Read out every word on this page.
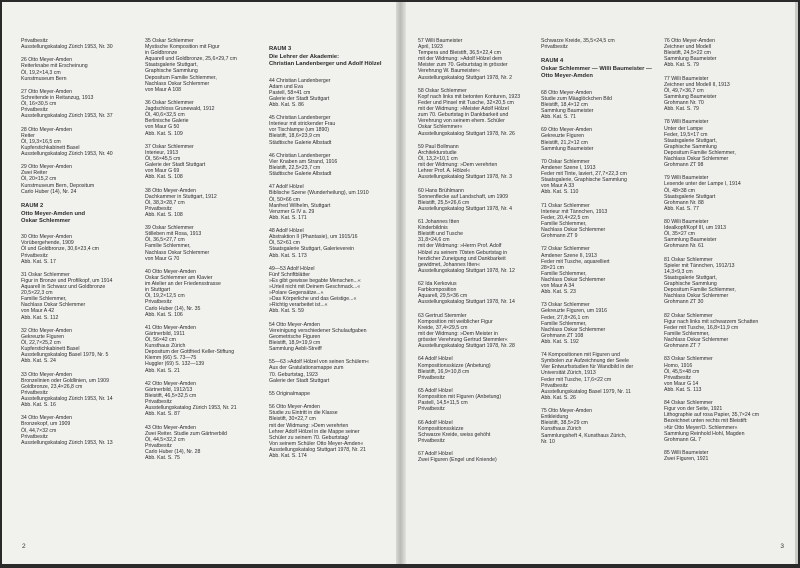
Privatbesitz
Ausstellungskatalog Zürich 1953, Nr. 30
26 Otto Meyer-Amden
Reiterknabe mit Erscheinung
Öl, 19,2×14,3 cm
Kunstmuseum Bern
27 Otto Meyer-Amden
Schreitende in Reitanzug, 1913
Öl, 16×30,5 cm
Privatbesitz
Ausstellungskatalog Zürich 1953, Nr. 37
28 Otto Meyer-Amden
Reiter
Öl, 19,3×16,5 cm
Kupferstichkabinett Basel
Ausstellungskatalog Zürich 1953, Nr. 40
29 Otto Meyer-Amden
Zwei Reiter
Öl, 20×15,2 cm
Kunstmuseum Bern, Depositum
Carlo Huber (14), Nr. 24
RAUM 2
Otto Meyer-Amden und
Oskar Schlemmer
30 Otto Meyer-Amden
Vorübergehende, 1909
Öl und Goldbronze, 30,6×23,4 cm
Privatbesitz
Abb. Kat. S. 17
31 Oskar Schlemmer
Figur in Bronze und Profilkopf, um 1914
Aquarell in Schwarz und Goldbronze
20,5×22,3 cm
Familie Schlemmer,
Nachlass Oskar Schlemmer
von Maur A 42
Abb. Kat. S. 112
32 Otto Meyer-Amden
Gekreuzte Figuren
Öl, 22,7×25,2 cm
Kupferstichkabinett Basel
Ausstellungskatalog Basel 1979, Nr. 5
Abb. Kat. S. 24
33 Otto Meyer-Amden
Bronzelinien oder Goldlinien, um 1909
Goldbronze, 23,4×26,8 cm
Privatbesitz
Ausstellungskatalog Zürich 1953, Nr. 14
Abb. Kat. S. 16
34 Otto Meyer-Amden
Bronzekopf, um 1909
Öl, 44,7×32 cm
Privatbesitz
Ausstellungskatalog Zürich 1953, Nr. 13
35 Oskar Schlemmer
Mystische Komposition mit Figur
in Goldbronze
Aquarell und Goldbronze, 25,6×29,7 cm
Staatsgalerie Stuttgart,
Graphische Sammlung
Depositum Familie Schlemmer,
Nachlass Oskar Schlemmer
von Maur A 108
36 Oskar Schlemmer
Jagdschloss Grunewald, 1912
Öl, 40,6×32,5 cm
Berlinische Galerie
von Maur G 50
Abb. Kat. S. 109
37 Oskar Schlemmer
Interieur, 1913
Öl, 56×45,5 cm
Galerie der Stadt Stuttgart
von Maur G 69
Abb. Kat. S. 108
38 Otto Meyer-Amden
Dachkammer in Stuttgart, 1912
Öl, 38,3×28,7 cm
Privatbesitz
Abb. Kat. S. 108
39 Oskar Schlemmer
Stilleben mit Rosa, 1913
Öl, 36,5×27,7 cm
Familie Schlemmer,
Nachlass Oskar Schlemmer
von Maur G 70
40 Otto Meyer-Amden
Oskar Schlemmer am Klavier
im Atelier an der Friedensstrasse
in Stuttgart
Öl, 19,2×12,5 cm
Privatbesitz
Carlo Huber (14), Nr. 35
Abb. Kat. S. 106
41 Otto Meyer-Amden
Gärtnerbild, 1911
Öl, 56×42 cm
Kunsthaus Zürich
Depositum der Gottfried Keller-Stiftung
Klemm (66) S. 73—75
Huggler (69) S. 132—139
Abb. Kat. S. 21
42 Otto Meyer-Amden
Gärtnerbild, 1912/13
Bleistift, 46,5×32,5 cm
Privatbesitz
Ausstellungskatalog Zürich 1953, Nr. 21
Abb. Kat. S. 87
43 Otto Meyer-Amden
Zwei Reiter. Studie zum Gärtnerbild
Öl, 44,5×32,2 cm
Privatbesitz
Carlo Huber (14), Nr. 28
Abb. Kat. S. 75
RAUM 3
Die Lehrer der Akademie:
Christian Landenberger und Adolf Hölzel
44 Christian Landenberger
Adam und Eva
Pastell, 58×41 cm
Galerie der Stadt Stuttgart
Abb. Kat. S. 86
45 Christian Landenberger
Interieur mit strickender Frau
vor Tischlampe (um 1890)
Bleistift, 18,6×23,9 cm
Städtische Galerie Albstadt
46 Christian Landenberger
Vier Knaben am Strand, 1916
Bleistift, 22,5×23,7 cm
Städtische Galerie Albstadt
47 Adolf Hölzel
Biblische Szene (Wunderheilung), um 1910
Öl, 50×66 cm
Manfred Wilhelm, Stuttgart
Venzmer G IV a. 29
Abb. Kat. S. 171
48 Adolf Hölzel
Abstraktion II (Phantasie), um 1915/16
Öl, 52×61 cm
Staatsgalerie Stuttgart, Galerieverein
Abb. Kat. S. 173
49—53 Adolf Hölzel
Fünf Schriftblätter
»Es gibt gewisse begabte Menschen...«
»Urteil nicht mit Deinem Geschmack...«
»Polare Gegensätze...«
»Das Körperliche und das Geistige...«
»Richtig verarbeitet ist...«
Abb. Kat. S. 59
54 Otto Meyer-Amden
Vereinigung verschiedener Schulaufgaben
Geometrische Figuren
Bleistift, 18,9×19,9 cm
Sammlung Aebli-Streiff
55—63 »Adolf Hölzel von seinen Schülern«
Aus der Gratulationsmappe zum
70. Geburtstag, 1923
Galerie der Stadt Stuttgart
55 Originalmappe
56 Otto Meyer-Amden
Studie zu Eintritt in die Klasse
Bleistift, 30×22,7 cm
mit der Widmung: »Dem verehrten
Lehrer Adolf Hölzel in die Mappe seiner
Schüler zu seinem 70. Geburtstag/
Von seinem Schüler Otto Meyer-Amden«
Ausstellungskatalog Stuttgart 1978, Nr. 21
Abb. Kat. S. 174
2
57 Willi Baumeister
April, 1923
Tempera und Bleistift, 36,5×22,4 cm
mit der Widmung: »Adolf Hölzel dem
Meister zum 70. Geburtstag in grösster
Verehrung W. Baumeister«
Ausstellungskatalog Stuttgart 1978, Nr. 2
58 Oskar Schlemmer
Kopf nach links mit betonten Konturen, 1923
Feder und Pinsel mit Tusche, 32×20,5 cm
mit der Widmung: »Meister Adolf Hölzel
zum 70. Geburtstag in Dankbarkeit und
Verehrung von seinem ehem. Schüler
Oskar Schlemmer«
Ausstellungskatalog Stuttgart 1978, Nr. 26
59 Paul Bollmann
Architekturstudie
Öl, 13,2×10,1 cm
mit der Widmung: »Dem verehrten
Lehrer Prof. A. Hölzel«
Ausstellungskatalog Stuttgart 1978, Nr. 3
60 Hans Brühlmann
Sonnenflecke auf Landschaft, um 1909
Bleistift, 25,5×26,6 cm
Ausstellungskatalog Stuttgart 1978, Nr. 4
61 Johannes Itten
Kinderbildnis
Bleistift und Tusche
31,8×24,6 cm
mit der Widmung: »Herrn Prof. Adolf
Hölzel zu seinem 70sten Geburtstag in
herzlicher Zuneigung und Dankbarkeit
gewidmet, Johannes Itten«
Ausstellungskatalog Stuttgart 1978, Nr. 12
62 Ida Kerkovius
Farbkomposition
Aquarell, 29,5×36 cm
Ausstellungskatalog Stuttgart 1978, Nr. 14
63 Gertrud Stemmler
Komposition mit weiblicher Figur
Kreide, 37,4×29,5 cm
mit der Widmung: »Dem Meister in
grösster Verehrung Gertrud Stemmler«
Ausstellungskatalog Stuttgart 1978, Nr. 28
64 Adolf Hölzel
Kompositionsskizze (Anbetung)
Bleistift, 16,9×10,8 cm
Privatbesitz
65 Adolf Hölzel
Komposition mit Figuren (Anbetung)
Pastell, 14,5×11,5 cm
Privatbesitz
66 Adolf Hölzel
Kompositionsskizze
Schwarze Kreide, weiss gehöht
Privatbesitz
67 Adolf Hölzel
Zwei Figuren (Engel und Kniende)
Schwarze Kreide, 35,5×24,5 cm
Privatbesitz
RAUM 4
Oskar Schlemmer — Willi Baumeister —
Otto Meyer-Amden
68 Otto Meyer-Amden
Studie zum Mäaglöckchen Bild
Bleistift, 18,4×12 cm
Sammlung Baumeister
Abb. Kat. S. 71
69 Otto Meyer-Amden
Gekreuzte Figuren
Bleistift, 21,2×12 cm
Sammlung Baumeister
70 Oskar Schlemmer
Amdener Szene I, 1913
Feder mit Tinte, laviert, 27,7×22,3 cm
Staatsgalerie, Graphische Sammlung
von Maur A 33
Abb. Kat. S. 110
71 Oskar Schlemmer
Interieur mit Tännchen, 1913
Feder, 20,4×22,5 cm
Familie Schlemmer,
Nachlass Oskar Schlemmer
Grohmann ZT 9
72 Oskar Schlemmer
Amdener Szene II, 1913
Feder mit Tusche, aquarelliert
28×21 cm
Familie Schlemmer,
Nachlass Oskar Schlemmer
von Maur A 34
Abb. Kat. S. 23
73 Oskar Schlemmer
Gekreuzte Figuren, um 1916
Feder, 27,8×26,1 cm
Familie Schlemmer,
Nachlass Oskar Schlemmer
Grohmann ZT 108
Abb. Kat. S. 192
74 Kompositionen mit Figuren und
Symbolen zur Aufzeichnung der Seele
Vier Entwurfsstudien für Wandbild in der
Universität Zürich, 1913
Feder mit Tusche, 17,6×22 cm
Privatbesitz
Ausstellungskatalog Basel 1979, Nr. 11
Abb. Kat. S. 26
75 Otto Meyer-Amden
Entkleidung
Bleistift, 38,5×29 cm
Kunsthaus Zürich
Sammlungsheft 4, Kunsthaus Zürich,
Nr. 10
76 Otto Meyer-Amden
Zeichner und Modell
Bleistift, 24,5×22 cm
Sammlung Baumeister
Abb. Kat. S. 79
77 Willi Baumeister
Zeichner und Modell II, 1913
Öl, 49,7×36,7 cm
Sammlung Baumeister
Grohmann Nr. 70
Abb. Kat. S. 79
78 Willi Baumeister
Unter der Lampe
Feder, 19,5×17 cm
Staatsgalerie Stuttgart,
Graphische Sammlung
Depositum Familie Schlemmer,
Nachlass Oskar Schlemmer
Grohmann ZT 98
79 Willi Baumeister
Lesende unter der Lampe I, 1914
Öl, 48×38 cm
Staatsgalerie Stuttgart
Grohmann Nr. 88
Abb. Kat. S. 77
80 Willi Baumeister
Idealkopf/Kopf III, um 1913
Öl, 35×27 cm
Sammlung Baumeister
Grohmann Nr. 61
81 Oskar Schlemmer
Spieler mit Tännchen, 1912/13
14,3×9,3 cm
Staatsgalerie Stuttgart,
Graphische Sammlung
Depositum Familie Schlemmer,
Nachlass Oskar Schlemmer
Grohmann ZT 30
82 Oskar Schlemmer
Figur nach links mit schwarzem Schatten
Feder mit Tusche, 16,8×11,9 cm
Familie Schlemmer,
Nachlass Oskar Schlemmer
Grohmann ZT 7
83 Oskar Schlemmer
Homo, 1916
Öl, 45,5×48 cm
Privatbesitz
von Maur G 14
Abb. Kat. S. 113
84 Oskar Schlemmer
Figur von der Seite, 1921
Lithographie auf rosa Papier, 35,7×24 cm
Bezeichnet unten rechts mit Bleistift:
»für Otto Meyer/O. Schlemmer«
Sammlung Reinhold Hohl, Magden
Grohmann GL 7
85 Willi Baumeister
Zwei Figuren, 1921
3
